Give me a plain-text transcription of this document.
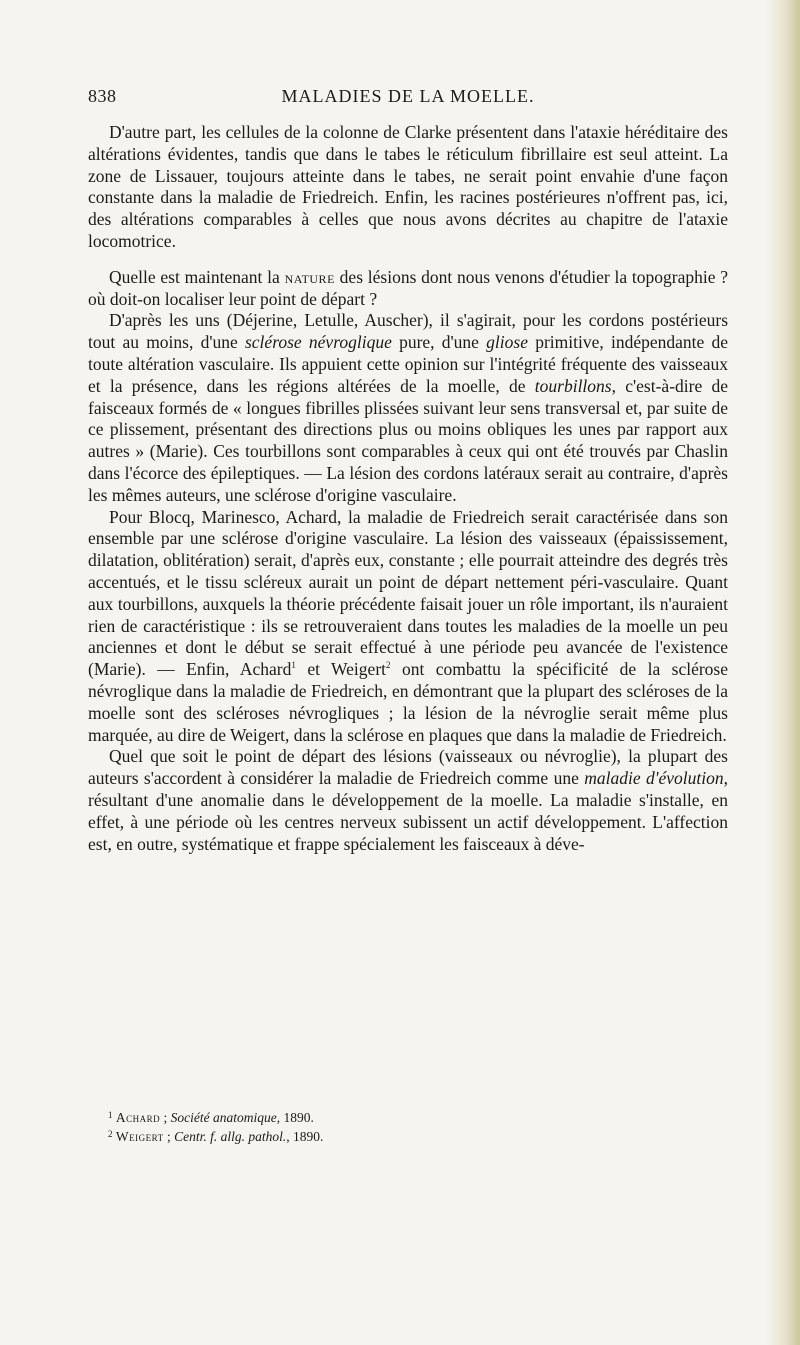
838	MALADIES DE LA MOELLE.

D'autre part, les cellules de la colonne de Clarke présentent dans l'ataxie héréditaire des altérations évidentes, tandis que dans le tabes le réticulum fibrillaire est seul atteint. La zone de Lissauer, toujours atteinte dans le tabes, ne serait point envahie d'une façon constante dans la maladie de Friedreich. Enfin, les racines postérieures n'offrent pas, ici, des altérations comparables à celles que nous avons décrites au chapitre de l'ataxie locomotrice.

Quelle est maintenant la nature des lésions dont nous venons d'étudier la topographie ? où doit-on localiser leur point de départ ?

D'après les uns (Déjerine, Letulle, Auscher), il s'agirait, pour les cordons postérieurs tout au moins, d'une sclérose névroglique pure, d'une gliose primitive, indépendante de toute altération vasculaire. Ils appuient cette opinion sur l'intégrité fréquente des vaisseaux et la présence, dans les régions altérées de la moelle, de tourbillons, c'est-à-dire de faisceaux formés de « longues fibrilles plissées suivant leur sens transversal et, par suite de ce plissement, présentant des directions plus ou moins obliques les unes par rapport aux autres » (Marie). Ces tourbillons sont comparables à ceux qui ont été trouvés par Chaslin dans l'écorce des épileptiques. — La lésion des cordons latéraux serait au contraire, d'après les mêmes auteurs, une sclérose d'origine vasculaire.

Pour Blocq, Marinesco, Achard, la maladie de Friedreich serait caractérisée dans son ensemble par une sclérose d'origine vasculaire. La lésion des vaisseaux (épaississement, dilatation, oblitération) serait, d'après eux, constante ; elle pourrait atteindre des degrés très accentués, et le tissu scléreux aurait un point de départ nettement péri-vasculaire. Quant aux tourbillons, auxquels la théorie précédente faisait jouer un rôle important, ils n'auraient rien de caractéristique : ils se retrouveraient dans toutes les maladies de la moelle un peu anciennes et dont le début se serait effectué à une période peu avancée de l'existence (Marie). — Enfin, Achard$^1$ et Weigert$^2$ ont combattu la spécificité de la sclérose névroglique dans la maladie de Friedreich, en démontrant que la plupart des scléroses de la moelle sont des scléroses névrogliques ; la lésion de la névroglie serait même plus marquée, au dire de Weigert, dans la sclérose en plaques que dans la maladie de Friedreich.

Quel que soit le point de départ des lésions (vaisseaux ou névroglie), la plupart des auteurs s'accordent à considérer la maladie de Friedreich comme une maladie d'évolution, résultant d'une anomalie dans le développement de la moelle. La maladie s'installe, en effet, à une période où les centres nerveux subissent un actif développement. L'affection est, en outre, systématique et frappe spécialement les faisceaux à déve-

$^1$ Achard ; Société anatomique, 1890.

$^2$ Weigert ; Centr. f. allg. pathol., 1890.
